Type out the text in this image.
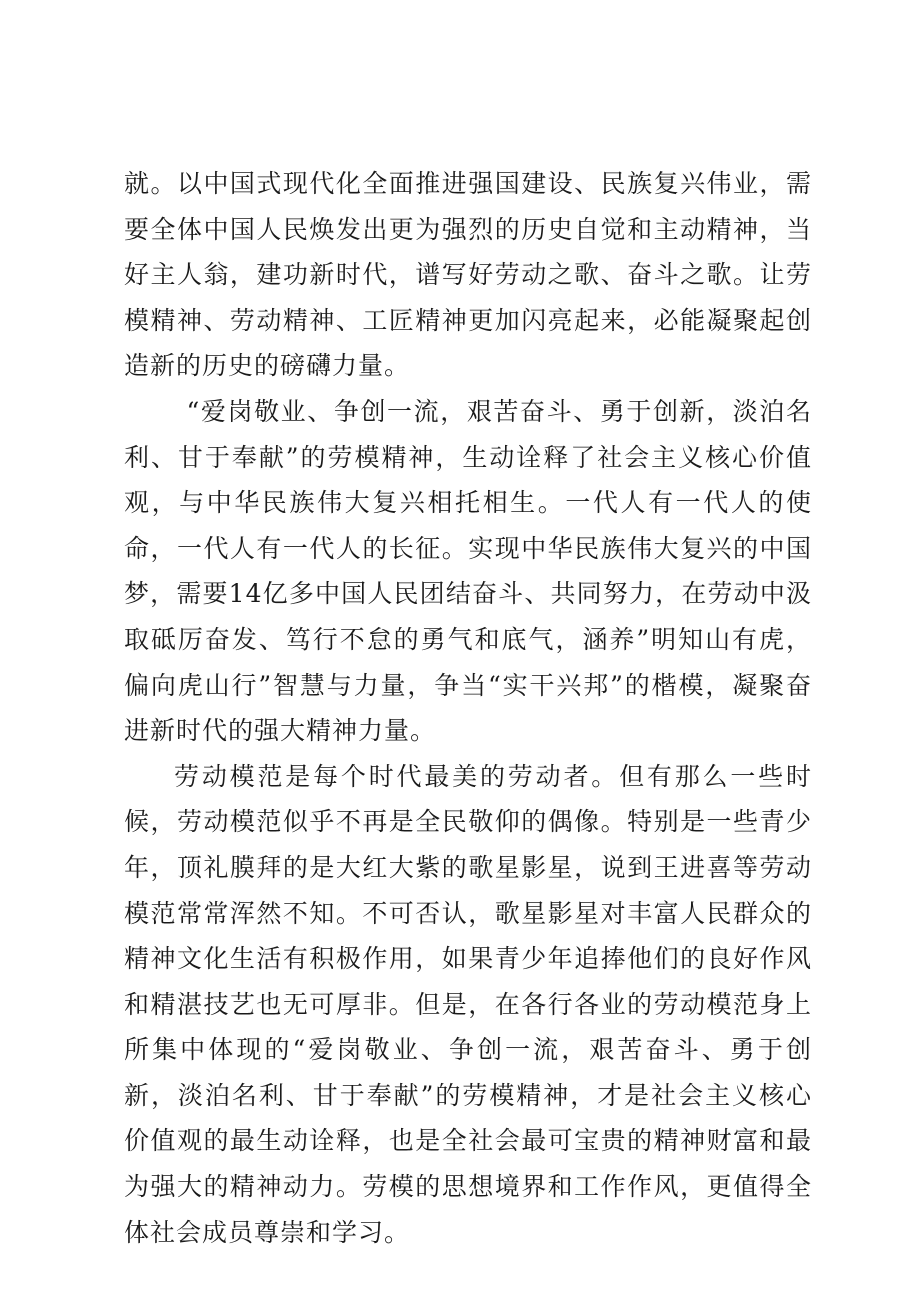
就。以中国式现代化全面推进强国建设、民族复兴伟业，需要全体中国人民焕发出更为强烈的历史自觉和主动精神，当好主人翁，建功新时代，谱写好劳动之歌、奋斗之歌。让劳模精神、劳动精神、工匠精神更加闪亮起来，必能凝聚起创造新的历史的磅礴力量。

“爱岗敬业、争创一流，艰苦奋斗、勇于创新，淡泊名利、甘于奉献”的劳模精神，生动诠释了社会主义核心价值观，与中华民族伟大复兴相托相生。一代人有一代人的使命，一代人有一代人的长征。实现中华民族伟大复兴的中国梦，需要14亿多中国人民团结奋斗、共同努力，在劳动中汲取砥厉奋发、笃行不怠的勇气和底气，涵养”明知山有虎，偏向虎山行”智慧与力量，争当“实干兴邦”的楷模，凝聚奋进新时代的强大精神力量。

劳动模范是每个时代最美的劳动者。但有那么一些时候，劳动模范似乎不再是全民敬仰的偶像。特别是一些青少年，顶礼膜拜的是大红大紫的歌星影星，说到王进喜等劳动模范常常浑然不知。不可否认，歌星影星对丰富人民群众的精神文化生活有积极作用，如果青少年追捧他们的良好作风和精湛技艺也无可厚非。但是，在各行各业的劳动模范身上所集中体现的“爱岗敬业、争创一流，艰苦奋斗、勇于创新，淡泊名利、甘于奉献”的劳模精神，才是社会主义核心价值观的最生动诠释，也是全社会最可宝贵的精神财富和最为强大的精神动力。劳模的思想境界和工作作风，更值得全体社会成员尊崇和学习。
